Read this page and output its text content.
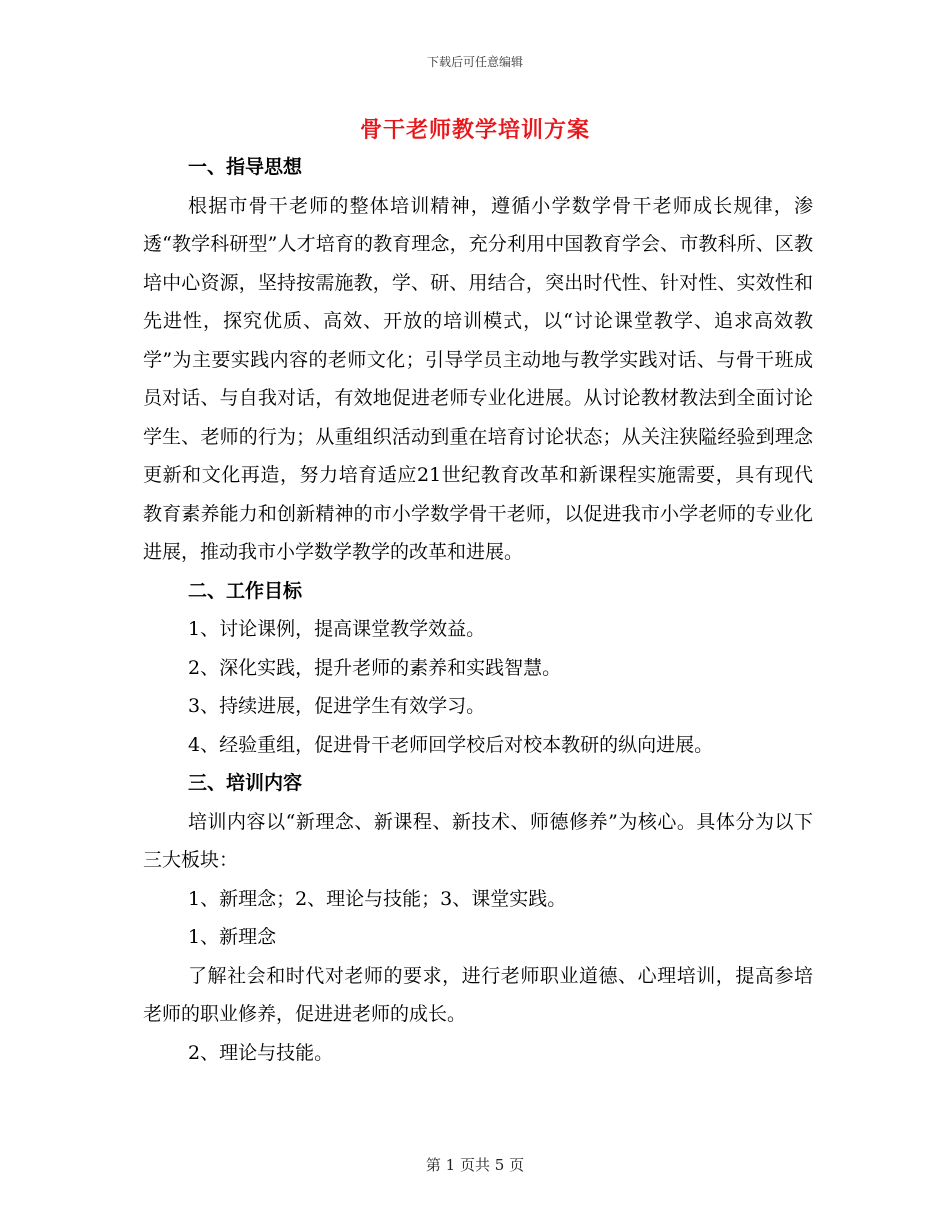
下载后可任意编辑
骨干老师教学培训方案

一、指导思想

根据市骨干老师的整体培训精神，遵循小学数学骨干老师成长规律，渗透“教学科研型”人才培育的教育理念，充分利用中国教育学会、市教科所、区教培中心资源，坚持按需施教，学、研、用结合，突出时代性、针对性、实效性和先进性，探究优质、高效、开放的培训模式，以“讨论课堂教学、追求高效教学”为主要实践内容的老师文化；引导学员主动地与教学实践对话、与骨干班成员对话、与自我对话，有效地促进老师专业化进展。从讨论教材教法到全面讨论学生、老师的行为；从重组织活动到重在培育讨论状态；从关注狭隘经验到理念更新和文化再造，努力培育适应21世纪教育改革和新课程实施需要，具有现代教育素养能力和创新精神的市小学数学骨干老师，以促进我市小学老师的专业化进展，推动我市小学数学教学的改革和进展。

二、工作目标

1、讨论课例，提高课堂教学效益。

2、深化实践，提升老师的素养和实践智慧。

3、持续进展，促进学生有效学习。

4、经验重组，促进骨干老师回学校后对校本教研的纵向进展。

三、培训内容

培训内容以“新理念、新课程、新技术、师德修养”为核心。具体分为以下三大板块：

1、新理念；2、理论与技能；3、课堂实践。

1、新理念

了解社会和时代对老师的要求，进行老师职业道德、心理培训，提高参培老师的职业修养，促进进老师的成长。

2、理论与技能。

第 1 页共 5 页
